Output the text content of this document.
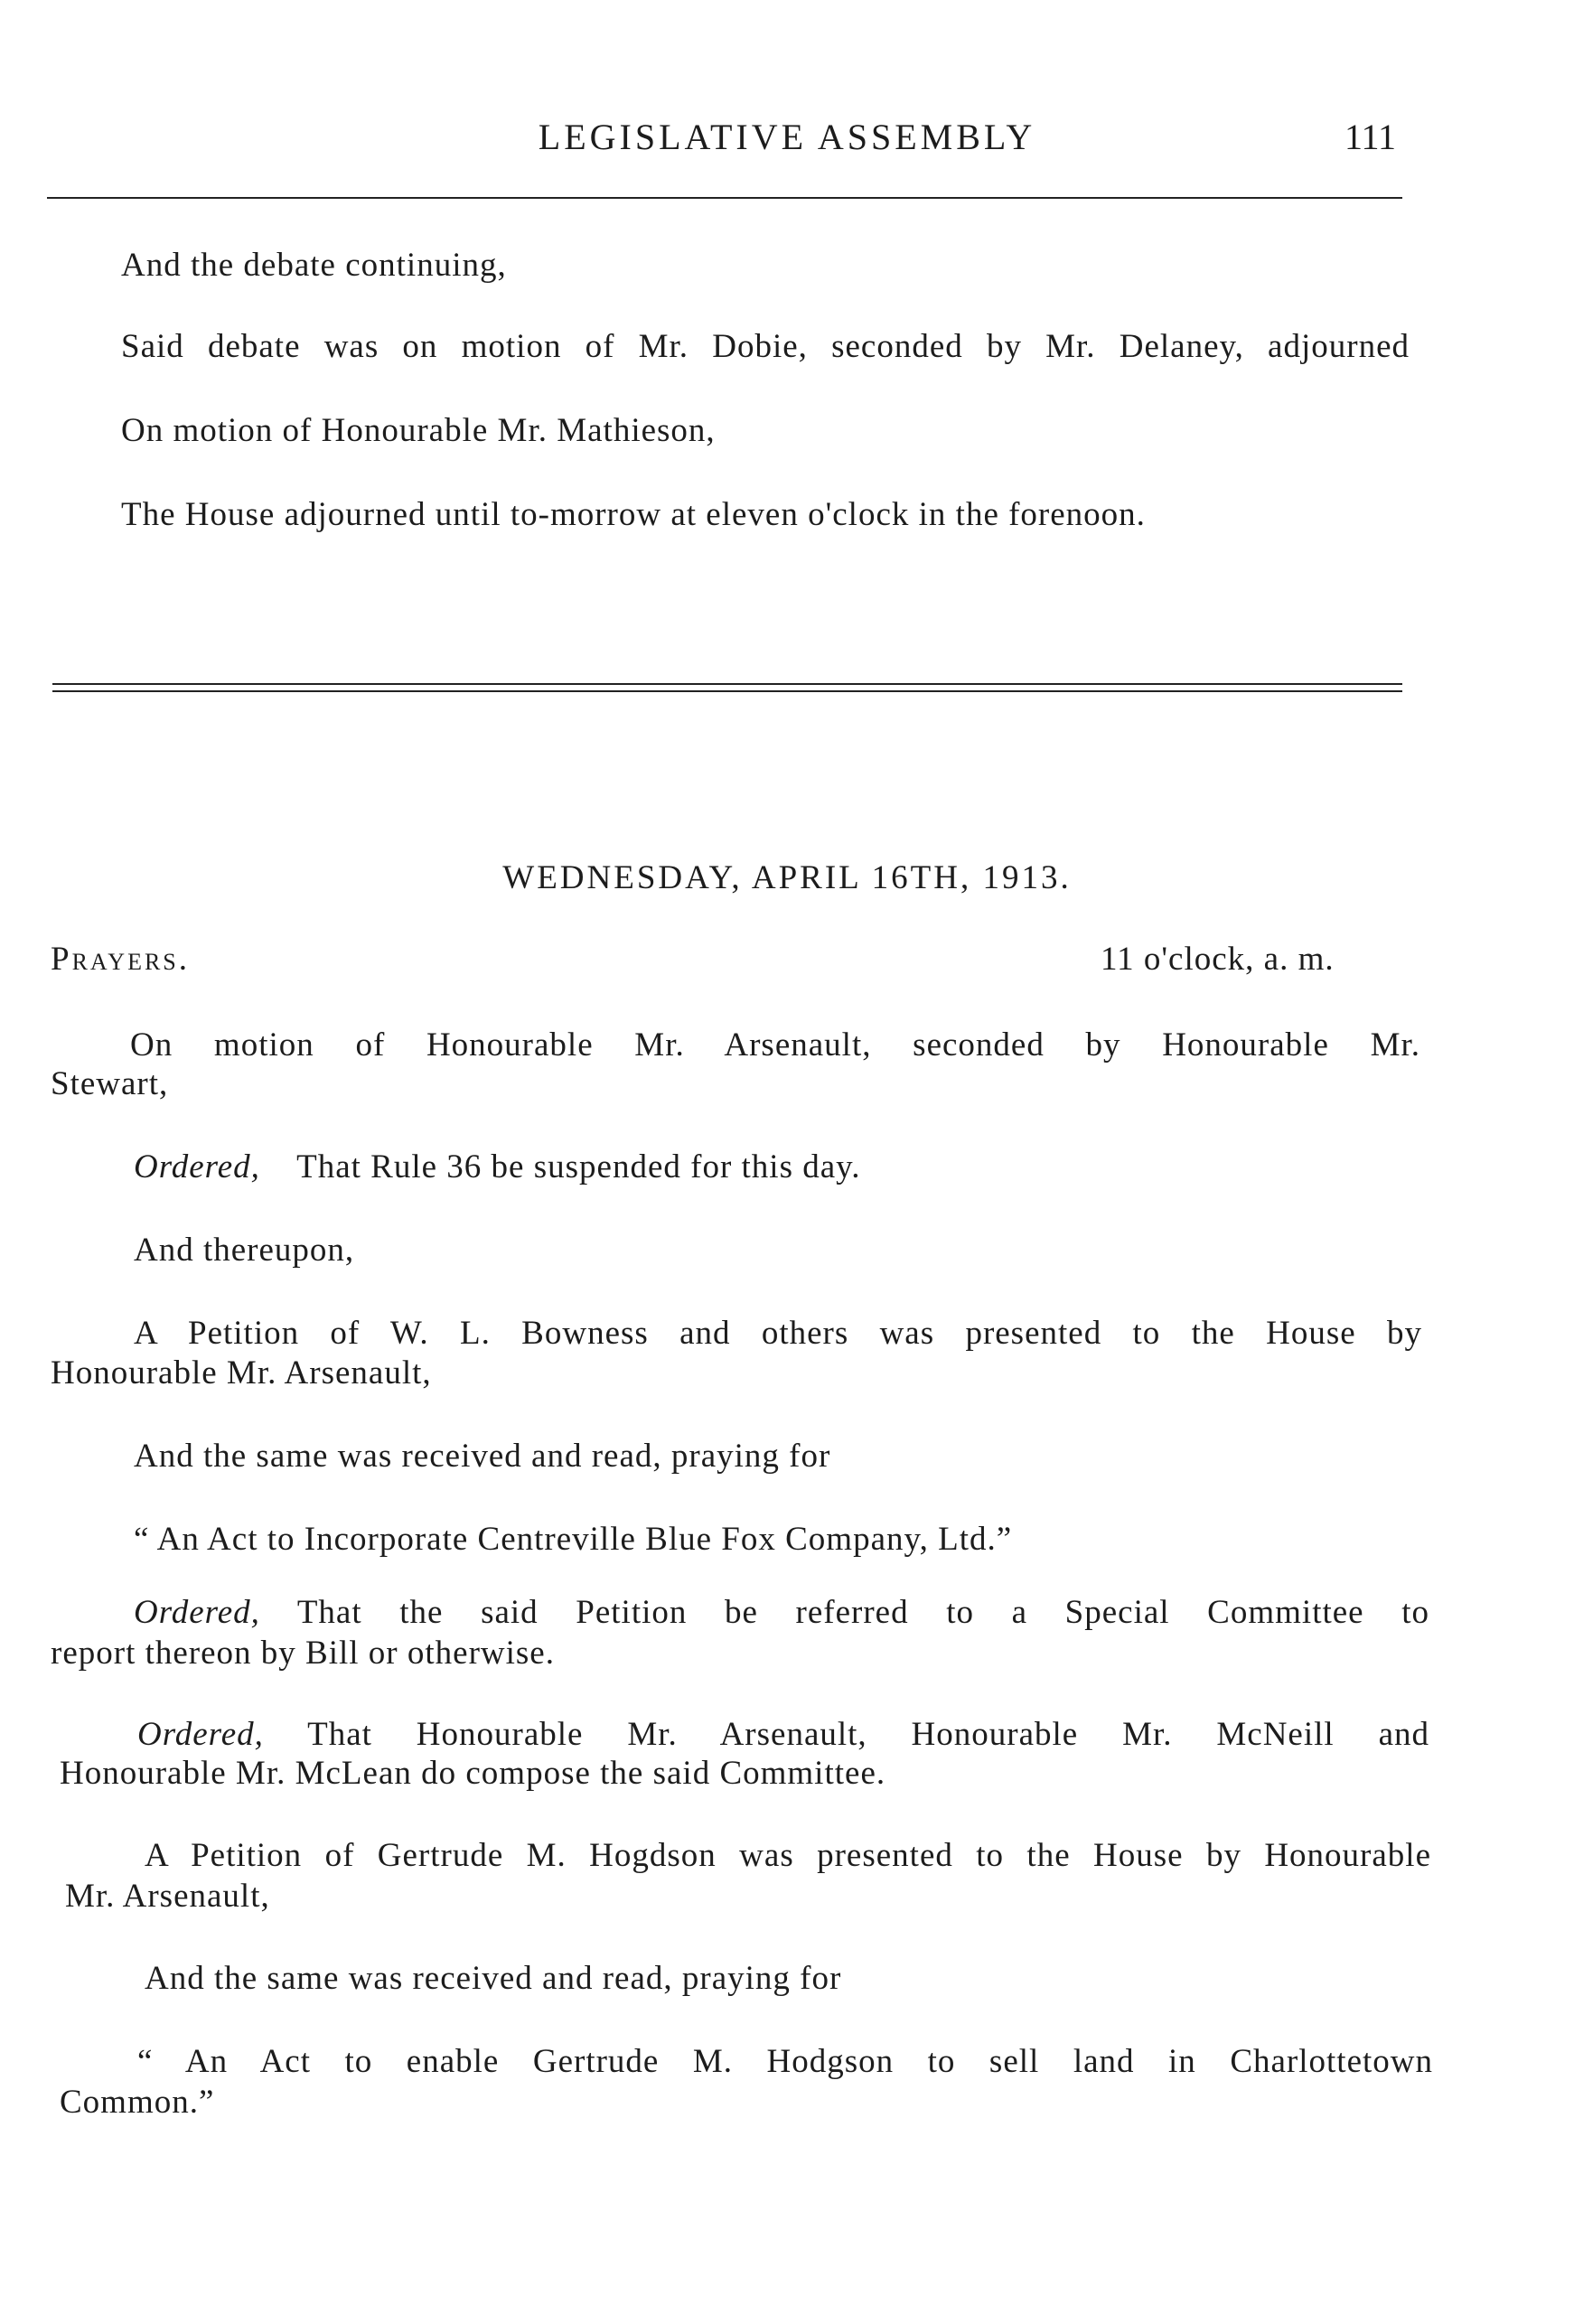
LEGISLATIVE ASSEMBLY	111
And the debate continuing,
Said debate was on motion of Mr. Dobie, seconded by Mr. Delaney, adjourned
On motion of Honourable Mr. Mathieson,
The House adjourned until to-morrow at eleven o'clock in the forenoon.
WEDNESDAY, APRIL 16TH, 1913.
Prayers.	11 o'clock, a. m.
On motion of Honourable Mr. Arsenault, seconded by Honourable Mr.
Stewart,
Ordered, That Rule 36 be suspended for this day.
And thereupon,
A Petition of W. L. Bowness and others was presented to the House by
Honourable Mr. Arsenault,
And the same was received and read, praying for
“ An Act to Incorporate Centreville Blue Fox Company, Ltd.”
Ordered, That the said Petition be referred to a Special Committee to
report thereon by Bill or otherwise.
Ordered, That Honourable Mr. Arsenault, Honourable Mr. McNeill and
Honourable Mr. McLean do compose the said Committee.
A Petition of Gertrude M. Hogdson was presented to the House by Honourable
Mr. Arsenault,
And the same was received and read, praying for
“ An Act to enable Gertrude M. Hodgson to sell land in Charlottetown
Common.”
